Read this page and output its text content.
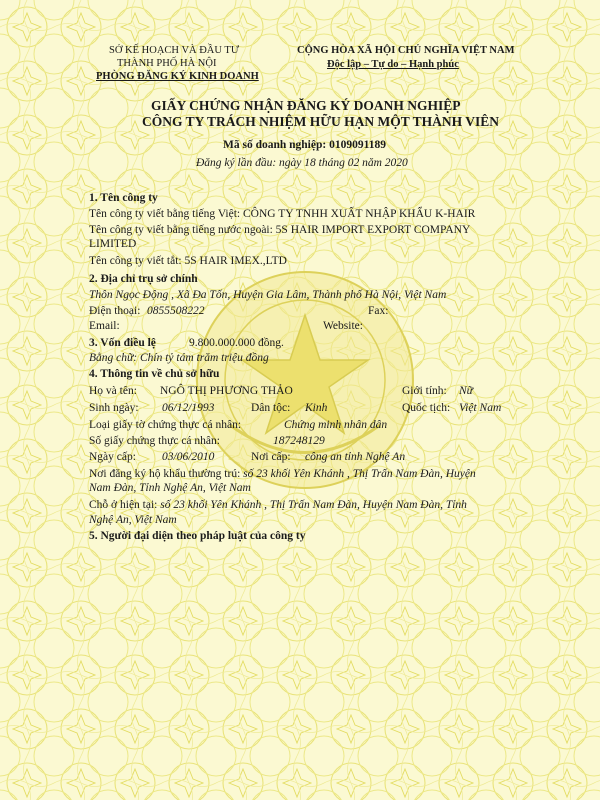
SỞ KẾ HOẠCH VÀ ĐẦU TƯ
THÀNH PHỐ HÀ NỘI
PHÒNG ĐĂNG KÝ KINH DOANH
CỘNG HÒA XÃ HỘI CHỦ NGHĨA VIỆT NAM
Độc lập – Tự do – Hạnh phúc
GIẤY CHỨNG NHẬN ĐĂNG KÝ DOANH NGHIỆP
CÔNG TY TRÁCH NHIỆM HỮU HẠN MỘT THÀNH VIÊN
Mã số doanh nghiệp: 0109091189
Đăng ký lần đầu: ngày 18 tháng 02 năm 2020
1. Tên công ty
Tên công ty viết bằng tiếng Việt: CÔNG TY TNHH XUẤT NHẬP KHẨU K-HAIR
Tên công ty viết bằng tiếng nước ngoài: 5S HAIR IMPORT EXPORT COMPANY
LIMITED
Tên công ty viết tắt: 5S HAIR IMEX.,LTD
2. Địa chỉ trụ sở chính
Thôn Ngọc Động , Xã Đa Tốn, Huyện Gia Lâm, Thành phố Hà Nội, Việt Nam
Điện thoại: 0855508222	Fax:
Email:	Website:
3. Vốn điều lệ	9.800.000.000 đồng.
Bằng chữ: Chín tỷ tám trăm triệu đồng
4. Thông tin về chủ sở hữu
Họ và tên: NGÔ THỊ PHƯƠNG THẢO	Giới tính: Nữ
Sinh ngày: 06/12/1993	Dân tộc: Kinh	Quốc tịch: Việt Nam
Loại giấy tờ chứng thực cá nhân:	Chứng minh nhân dân
Số giấy chứng thực cá nhân:	187248129
Ngày cấp: 03/06/2010	Nơi cấp: công an tỉnh Nghệ An
Nơi đăng ký hộ khẩu thường trú: số 23 khối Yên Khánh , Thị Trấn Nam Đàn, Huyện
Nam Đàn, Tỉnh Nghệ An, Việt Nam
Chỗ ở hiện tại: số 23 khối Yên Khánh , Thị Trấn Nam Đàn, Huyện Nam Đàn, Tỉnh
Nghệ An, Việt Nam
5. Người đại diện theo pháp luật của công ty
